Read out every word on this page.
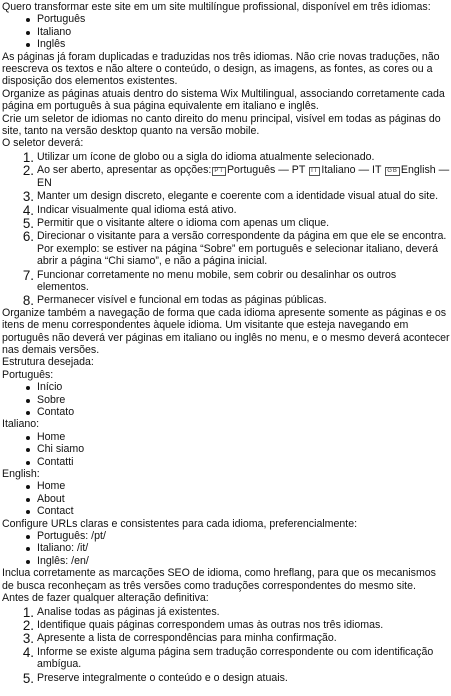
Quero transformar este site em um site multilíngue profissional, disponível em três idiomas:

Português
Italiano
Inglês

As páginas já foram duplicadas e traduzidas nos três idiomas. Não crie novas traduções, não reescreva os textos e não altere o conteúdo, o design, as imagens, as fontes, as cores ou a disposição dos elementos existentes.

Organize as páginas atuais dentro do sistema Wix Multilingual, associando corretamente cada página em português à sua página equivalente em italiano e inglês.

Crie um seletor de idiomas no canto direito do menu principal, visível em todas as páginas do site, tanto na versão desktop quanto na versão mobile.

O seletor deverá:

1. Utilizar um ícone de globo ou a sigla do idioma atualmente selecionado.
2. Ao ser aberto, apresentar as opções: PT Português — PT IT Italiano — IT GB English — EN
3. Manter um design discreto, elegante e coerente com a identidade visual atual do site.
4. Indicar visualmente qual idioma está ativo.
5. Permitir que o visitante altere o idioma com apenas um clique.
6. Direcionar o visitante para a versão correspondente da página em que ele se encontra. Por exemplo: se estiver na página “Sobre” em português e selecionar italiano, deverá abrir a página “Chi siamo”, e não a página inicial.
7. Funcionar corretamente no menu mobile, sem cobrir ou desalinhar os outros elementos.
8. Permanecer visível e funcional em todas as páginas públicas.

Organize também a navegação de forma que cada idioma apresente somente as páginas e os itens de menu correspondentes àquele idioma. Um visitante que esteja navegando em português não deverá ver páginas em italiano ou inglês no menu, e o mesmo deverá acontecer nas demais versões.

Estrutura desejada:

Português:

Início
Sobre
Contato

Italiano:

Home
Chi siamo
Contatti

English:

Home
About
Contact

Configure URLs claras e consistentes para cada idioma, preferencialmente:

Português: /pt/
Italiano: /it/
Inglês: /en/

Inclua corretamente as marcações SEO de idioma, como hreflang, para que os mecanismos de busca reconheçam as três versões como traduções correspondentes do mesmo site.

Antes de fazer qualquer alteração definitiva:

1. Analise todas as páginas já existentes.
2. Identifique quais páginas correspondem umas às outras nos três idiomas.
3. Apresente a lista de correspondências para minha confirmação.
4. Informe se existe alguma página sem tradução correspondente ou com identificação ambígua.
5. Preserve integralmente o conteúdo e o design atuais.
